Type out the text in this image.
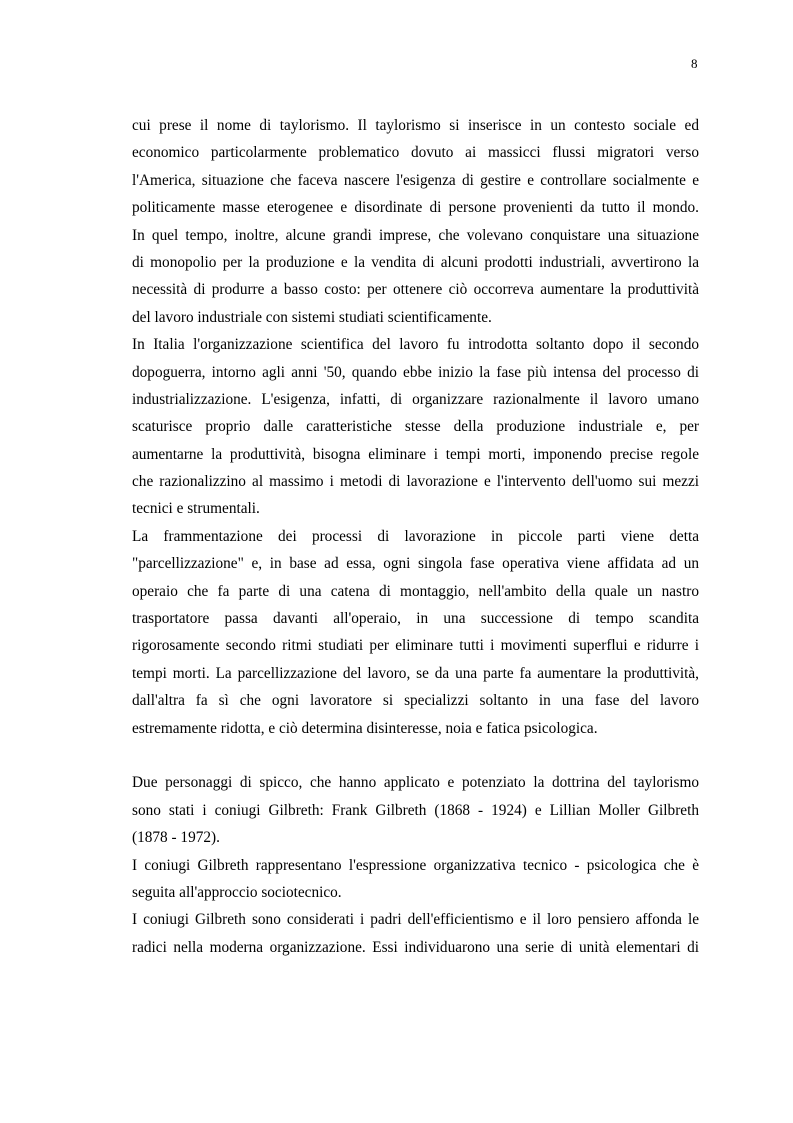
8
cui prese il nome di taylorismo. Il taylorismo si inserisce in un contesto sociale ed
economico particolarmente problematico dovuto ai massicci flussi migratori verso
l'America, situazione che faceva nascere l'esigenza di gestire e controllare socialmente e
politicamente masse eterogenee e disordinate di persone provenienti da tutto il mondo.
In quel tempo, inoltre, alcune grandi imprese, che volevano conquistare una situazione
di monopolio per la produzione e la vendita di alcuni prodotti industriali, avvertirono la
necessità di produrre a basso costo: per ottenere ciò occorreva aumentare la produttività
del lavoro industriale con sistemi studiati scientificamente.
In Italia l'organizzazione scientifica del lavoro fu introdotta soltanto dopo il secondo
dopoguerra, intorno agli anni '50, quando ebbe inizio la fase più intensa del processo di
industrializzazione. L'esigenza, infatti, di organizzare razionalmente il lavoro umano
scaturisce proprio dalle caratteristiche stesse della produzione industriale e, per
aumentarne la produttività, bisogna eliminare i tempi morti, imponendo precise regole
che razionalizzino al massimo i metodi di lavorazione e l'intervento dell'uomo sui mezzi
tecnici e strumentali.
La frammentazione dei processi di lavorazione in piccole parti viene detta
"parcellizzazione" e, in base ad essa, ogni singola fase operativa viene affidata ad un
operaio che fa parte di una catena di montaggio, nell'ambito della quale un nastro
trasportatore passa davanti all'operaio, in una successione di tempo scandita
rigorosamente secondo ritmi studiati per eliminare tutti i movimenti superflui e ridurre i
tempi morti. La parcellizzazione del lavoro, se da una parte fa aumentare la produttività,
dall'altra fa sì che ogni lavoratore si specializzi soltanto in una fase del lavoro
estremamente ridotta, e ciò determina disinteresse, noia e fatica psicologica.
Due personaggi di spicco, che hanno applicato e potenziato la dottrina del taylorismo
sono stati i coniugi Gilbreth: Frank Gilbreth (1868 - 1924) e Lillian Moller Gilbreth
(1878 - 1972).
I coniugi Gilbreth rappresentano l'espressione organizzativa tecnico - psicologica che è
seguita all'approccio sociotecnico.
I coniugi Gilbreth sono considerati i padri dell'efficientismo e il loro pensiero affonda le
radici nella moderna organizzazione. Essi individuarono una serie di unità elementari di
